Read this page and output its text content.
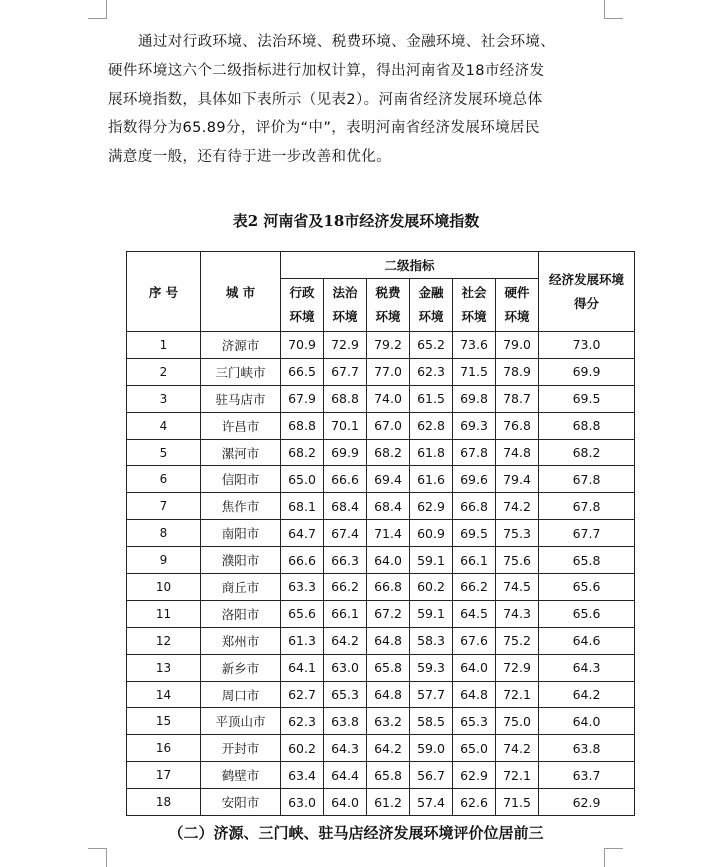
通过对行政环境、法治环境、税费环境、金融环境、社会环境、
硬件环境这六个二级指标进行加权计算，得出河南省及18市经济发
展环境指数，具体如下表所示（见表2）。河南省经济发展环境总体
指数得分为65.89分，评价为“中”，表明河南省经济发展环境居民
满意度一般，还有待于进一步改善和优化。
表2 河南省及18市经济发展环境指数
序 号	城 市	二级指标						经济发展环境得分
		行政环境	法治环境	税费环境	金融环境	社会环境	硬件环境	
1	济源市	70.9	72.9	79.2	65.2	73.6	79.0	73.0
2	三门峡市	66.5	67.7	77.0	62.3	71.5	78.9	69.9
3	驻马店市	67.9	68.8	74.0	61.5	69.8	78.7	69.5
4	许昌市	68.8	70.1	67.0	62.8	69.3	76.8	68.8
5	漯河市	68.2	69.9	68.2	61.8	67.8	74.8	68.2
6	信阳市	65.0	66.6	69.4	61.6	69.6	79.4	67.8
7	焦作市	68.1	68.4	68.4	62.9	66.8	74.2	67.8
8	南阳市	64.7	67.4	71.4	60.9	69.5	75.3	67.7
9	濮阳市	66.6	66.3	64.0	59.1	66.1	75.6	65.8
10	商丘市	63.3	66.2	66.8	60.2	66.2	74.5	65.6
11	洛阳市	65.6	66.1	67.2	59.1	64.5	74.3	65.6
12	郑州市	61.3	64.2	64.8	58.3	67.6	75.2	64.6
13	新乡市	64.1	63.0	65.8	59.3	64.0	72.9	64.3
14	周口市	62.7	65.3	64.8	57.7	64.8	72.1	64.2
15	平顶山市	62.3	63.8	63.2	58.5	65.3	75.0	64.0
16	开封市	60.2	64.3	64.2	59.0	65.0	74.2	63.8
17	鹤壁市	63.4	64.4	65.8	56.7	62.9	72.1	63.7
18	安阳市	63.0	64.0	61.2	57.4	62.6	71.5	62.9
（二）济源、三门峡、驻马店经济发展环境评价位居前三
